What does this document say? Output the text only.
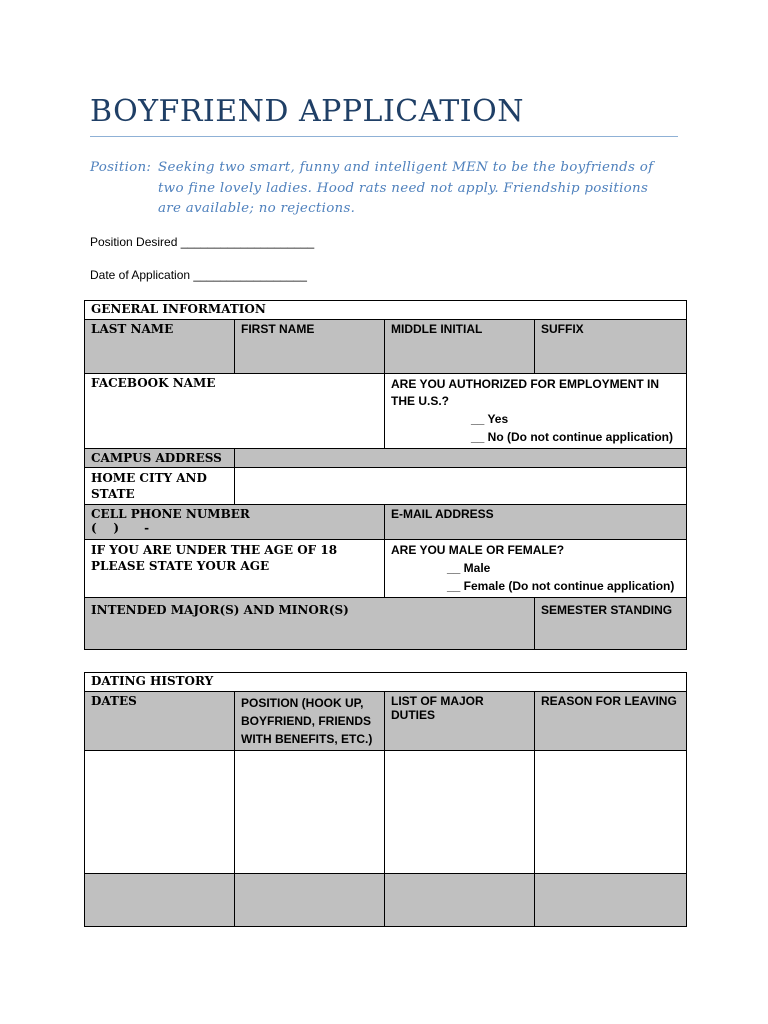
BOYFRIEND APPLICATION
Position: Seeking two smart, funny and intelligent MEN to be the boyfriends of
two fine lovely ladies. Hood rats need not apply. Friendship positions
are available; no rejections.
Position Desired ____________________
Date of Application _________________
GENERAL INFORMATION			
LAST NAME	FIRST NAME	MIDDLE INITIAL	SUFFIX
FACEBOOK NAME		ARE YOU AUTHORIZED FOR EMPLOYMENT IN THE U.S.?
__ Yes
__ No (Do not continue application)	

CAMPUS ADDRESS			
HOME CITY AND STATE			

CELL PHONE NUMBER
(    )      -		E-MAIL ADDRESS	
IF YOU ARE UNDER THE AGE OF 18 PLEASE STATE YOUR AGE		ARE YOU MALE OR FEMALE?
__ Male
__ Female (Do not continue application)	

INTENDED MAJOR(S) AND MINOR(S)			SEMESTER STANDING
DATING HISTORY			
DATES	POSITION (HOOK UP, BOYFRIEND, FRIENDS WITH BENEFITS, ETC.)	LIST OF MAJOR DUTIES	REASON FOR LEAVING
